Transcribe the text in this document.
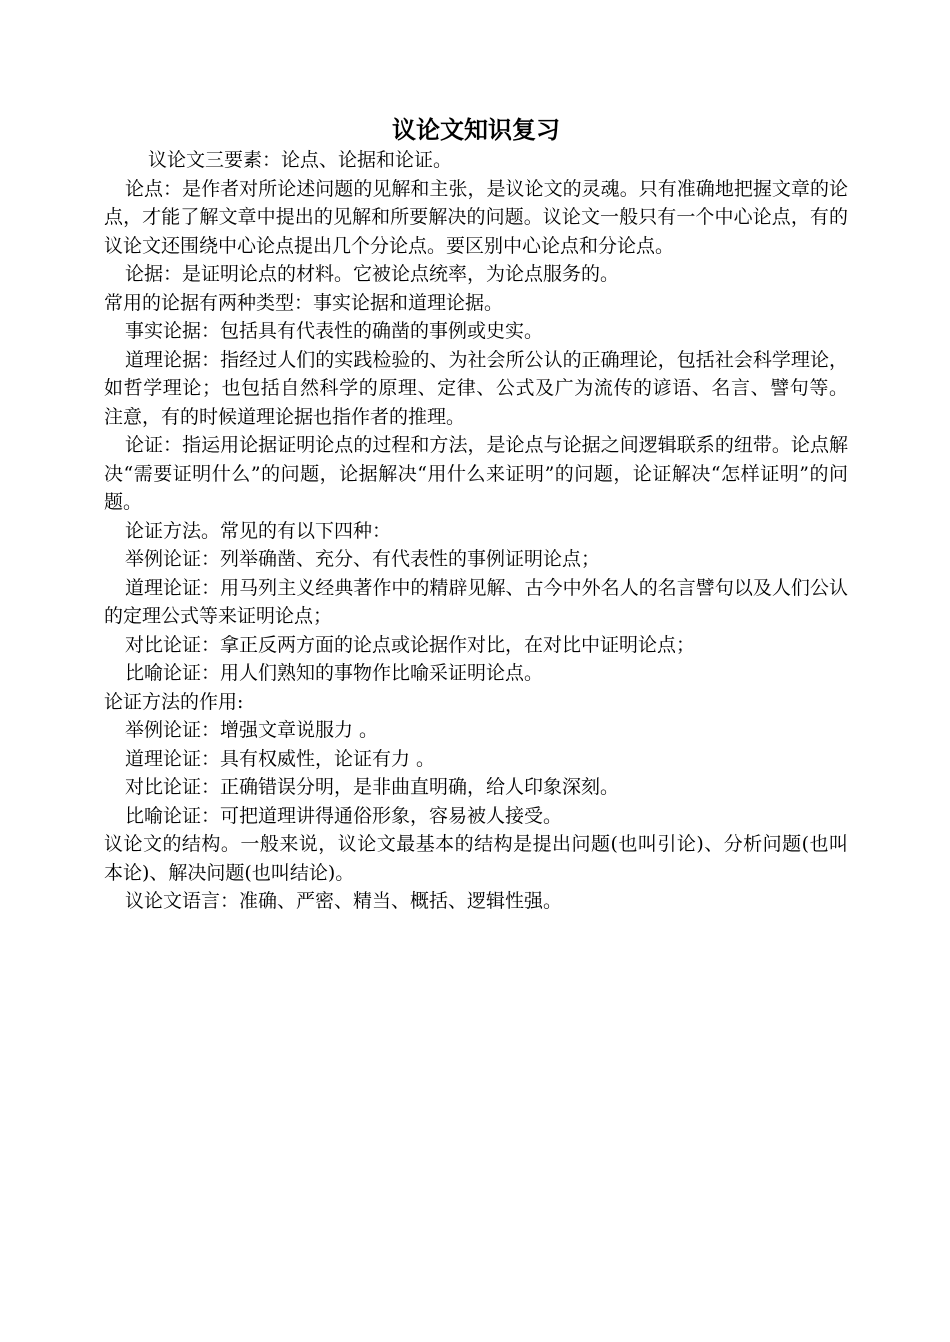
议论文知识复习

议论文三要素：论点、论据和论证。

论点：是作者对所论述问题的见解和主张，是议论文的灵魂。只有准确地把握文章的论点，才能了解文章中提出的见解和所要解决的问题。议论文一般只有一个中心论点，有的议论文还围绕中心论点提出几个分论点。要区别中心论点和分论点。

论据：是证明论点的材料。它被论点统率，为论点服务的。

常用的论据有两种类型：事实论据和道理论据。

事实论据：包括具有代表性的确凿的事例或史实。

道理论据：指经过人们的实践检验的、为社会所公认的正确理论，包括社会科学理论，如哲学理论；也包括自然科学的原理、定律、公式及广为流传的谚语、名言、譬句等。    注意，有的时候道理论据也指作者的推理。

论证：指运用论据证明论点的过程和方法，是论点与论据之间逻辑联系的纽带。论点解决“需要证明什么”的问题，论据解决“用什么来证明”的问题，论证解决“怎样证明”的问题。

论证方法。常见的有以下四种：

举例论证：列举确凿、充分、有代表性的事例证明论点；

道理论证：用马列主义经典著作中的精辟见解、古今中外名人的名言譬句以及人们公认的定理公式等来证明论点；

对比论证：拿正反两方面的论点或论据作对比，在对比中证明论点；

比喻论证：用人们熟知的事物作比喻采证明论点。

论证方法的作用:

举例论证：增强文章说服力 。

道理论证：具有权威性，论证有力 。

对比论证：正确错误分明，是非曲直明确，给人印象深刻。

比喻论证：可把道理讲得通俗形象，容易被人接受。

议论文的结构。一般来说，议论文最基本的结构是提出问题(也叫引论)、分析问题(也叫本论)、解决问题(也叫结论)。

议论文语言：准确、严密、精当、概括、逻辑性强。
